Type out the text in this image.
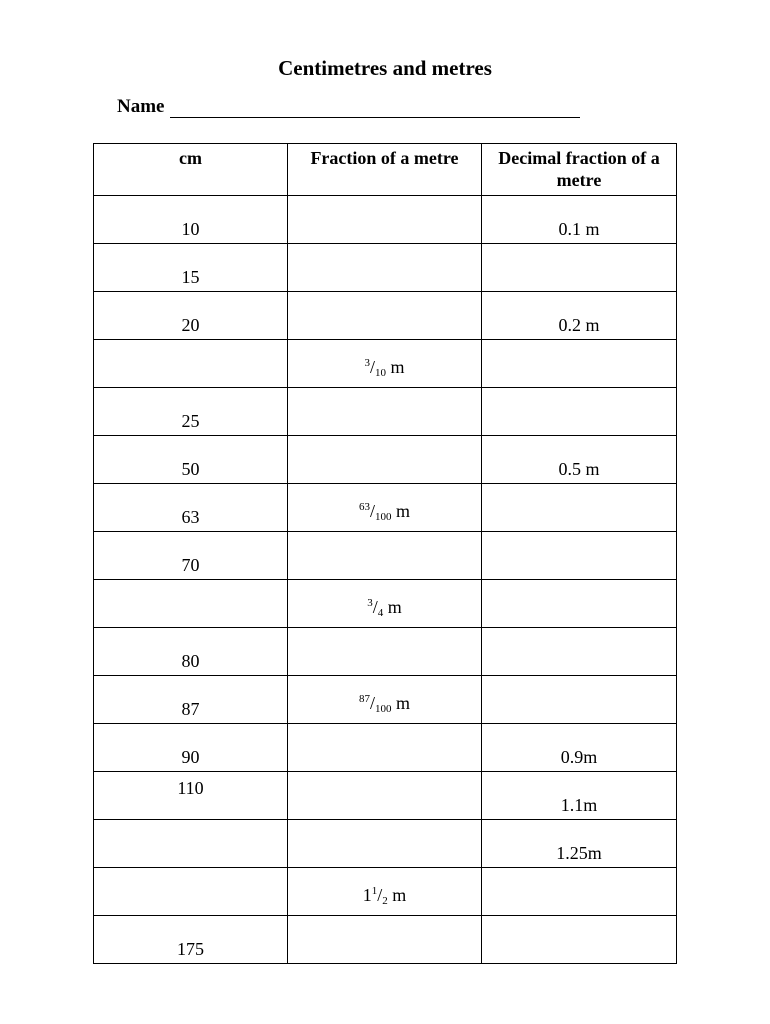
Centimetres and metres
Name
cm	Fraction of a metre	Decimal fraction of a metre

10		0.1 m

15		

20		0.2 m

	$^3/_{10}$ m	

25		

50		0.5 m

63	$^{63}/_{100}$ m	

70		

	$^3/_4$ m	

80		

87	$^{87}/_{100}$ m	

90		0.9m

110		1.1m

		1.25m

	$1^1/_2$ m	

175		
